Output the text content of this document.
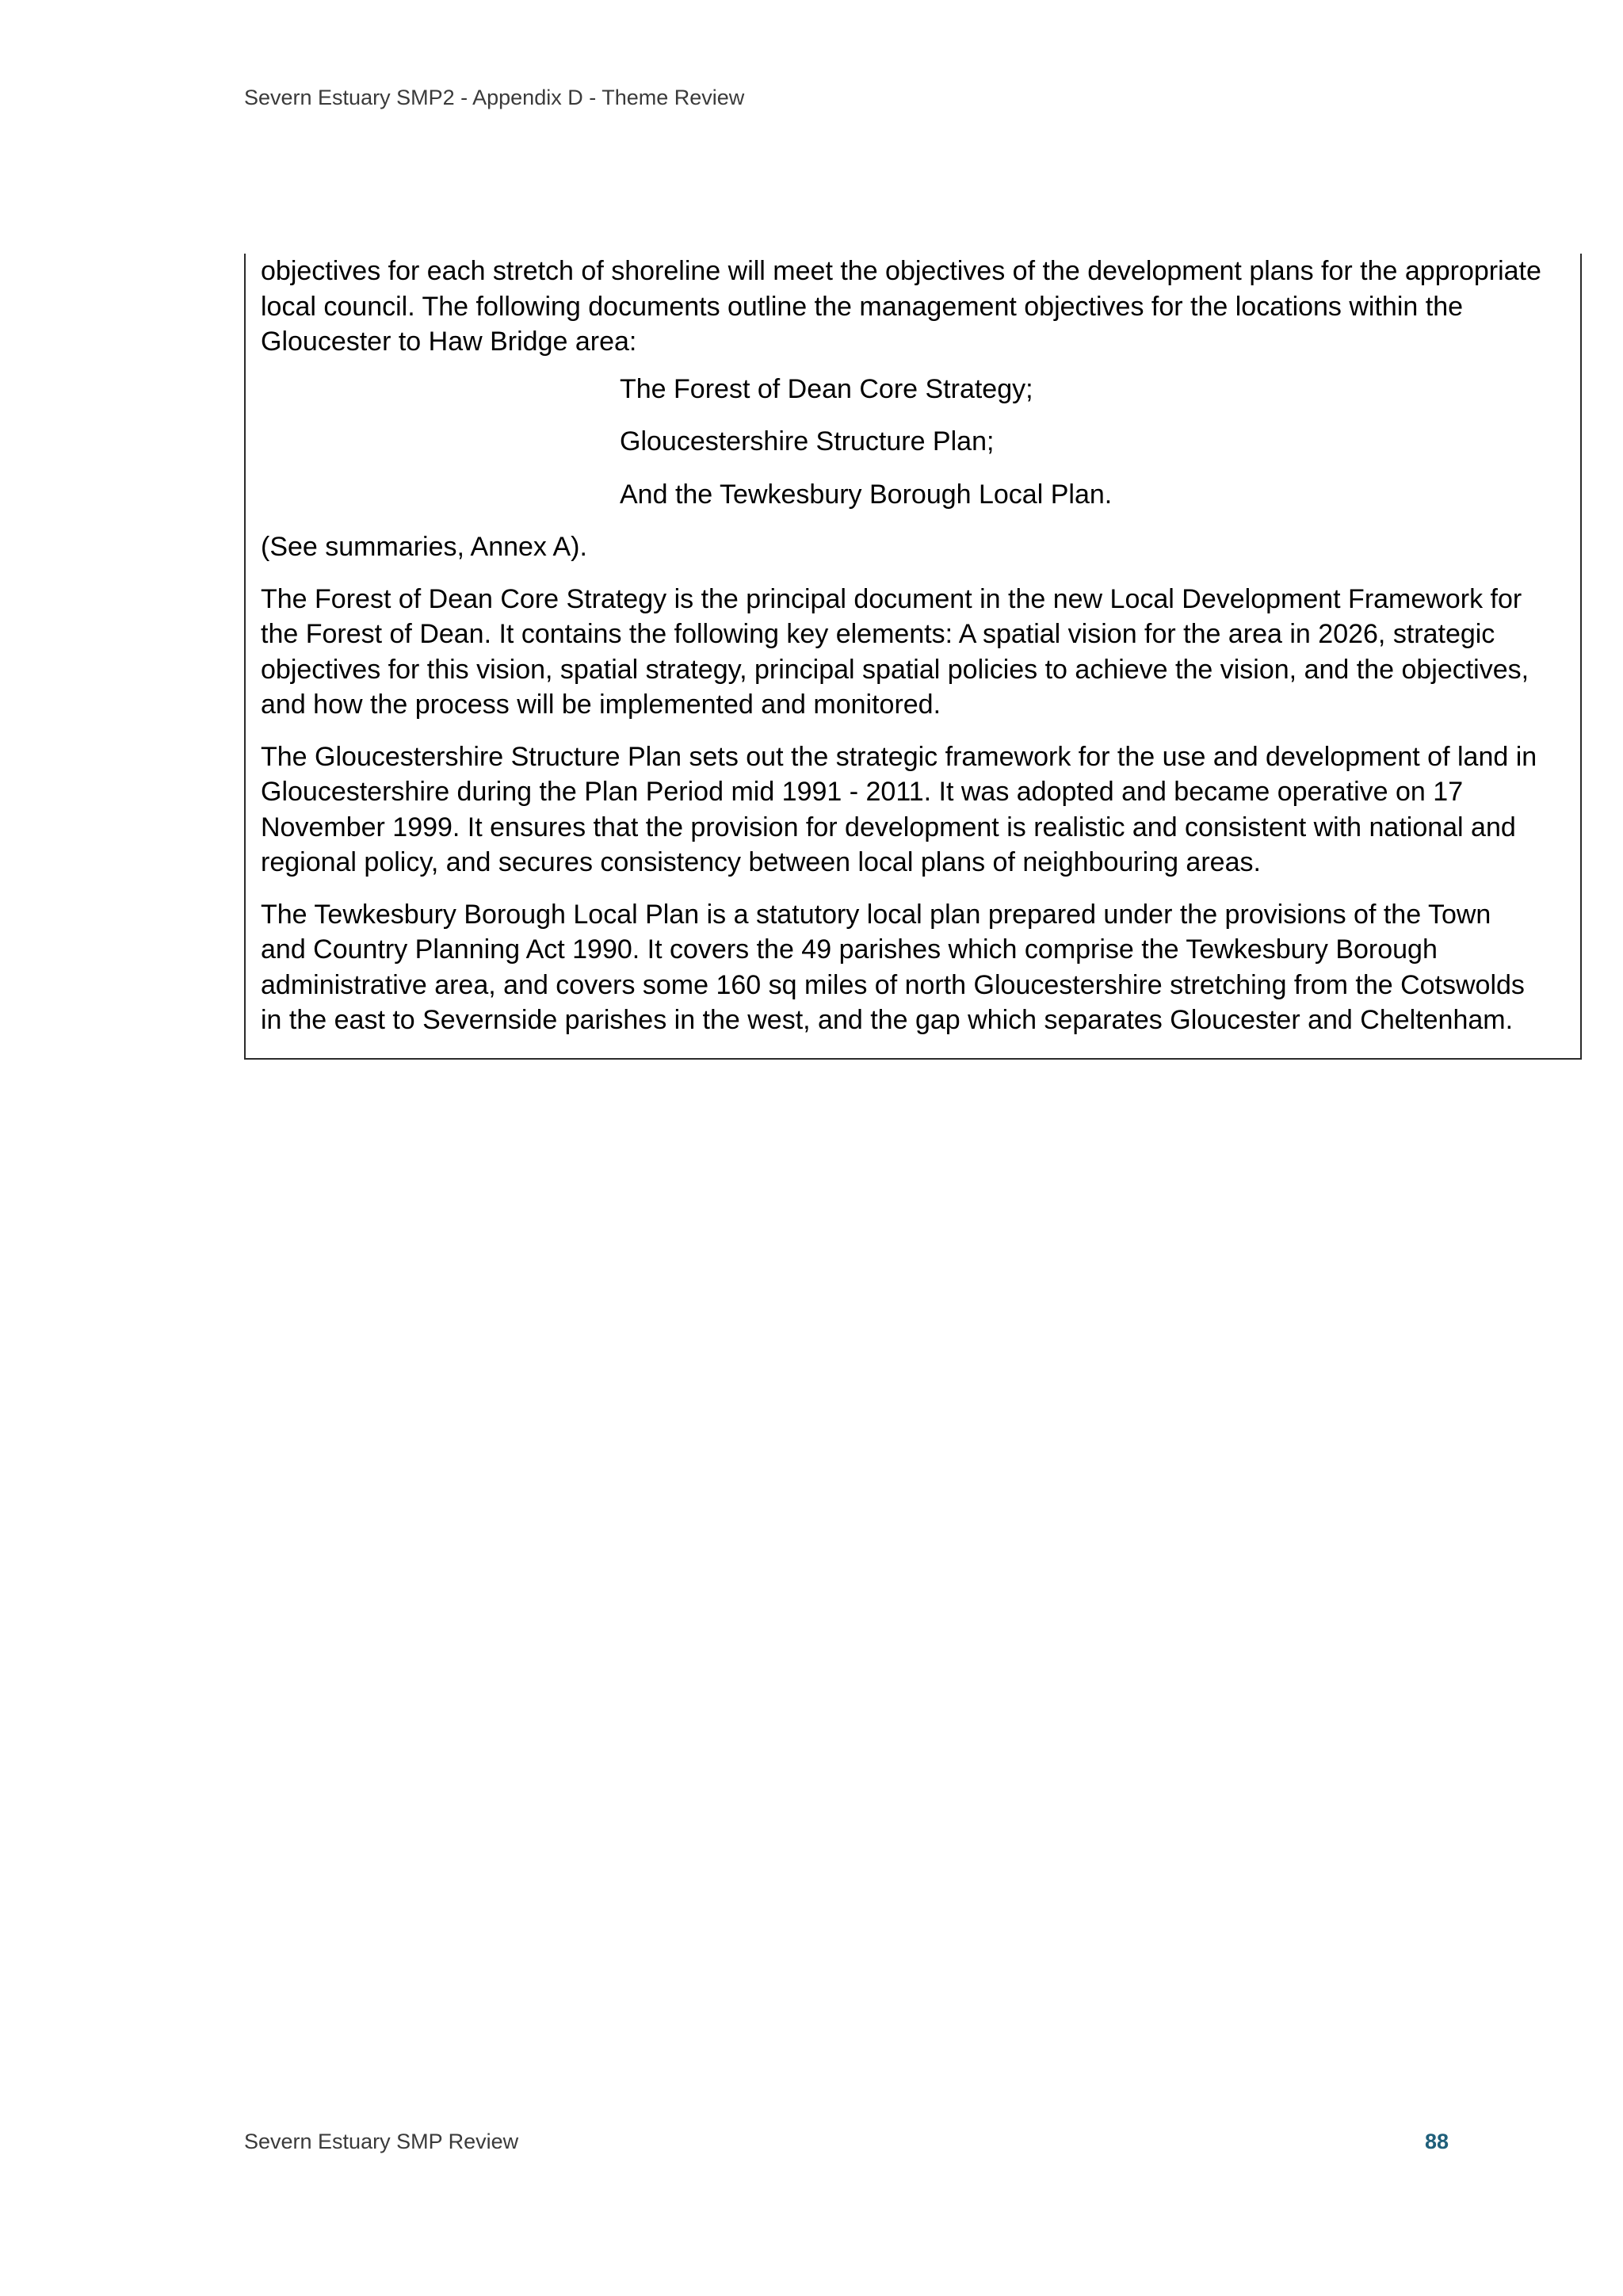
Severn Estuary SMP2 - Appendix D - Theme Review
objectives for each stretch of shoreline will meet the objectives of the development plans for the appropriate
local council. The following documents outline the management objectives for the locations within the
Gloucester to Haw Bridge area:
The Forest of Dean Core Strategy;
Gloucestershire Structure Plan;
And the Tewkesbury Borough Local Plan.
(See summaries, Annex A).
The Forest of Dean Core Strategy is the principal document in the new Local Development Framework for
the Forest of Dean. It contains the following key elements: A spatial vision for the area in 2026, strategic
objectives for this vision, spatial strategy, principal spatial policies to achieve the vision, and the objectives,
and how the process will be implemented and monitored.
The Gloucestershire Structure Plan sets out the strategic framework for the use and development of land in
Gloucestershire during the Plan Period mid 1991 - 2011. It was adopted and became operative on 17
November 1999. It ensures that the provision for development is realistic and consistent with national and
regional policy, and secures consistency between local plans of neighbouring areas.
The Tewkesbury Borough Local Plan is a statutory local plan prepared under the provisions of the Town
and Country Planning Act 1990. It covers the 49 parishes which comprise the Tewkesbury Borough
administrative area, and covers some 160 sq miles of north Gloucestershire stretching from the Cotswolds
in the east to Severnside parishes in the west, and the gap which separates Gloucester and Cheltenham.
Severn Estuary SMP Review	88
